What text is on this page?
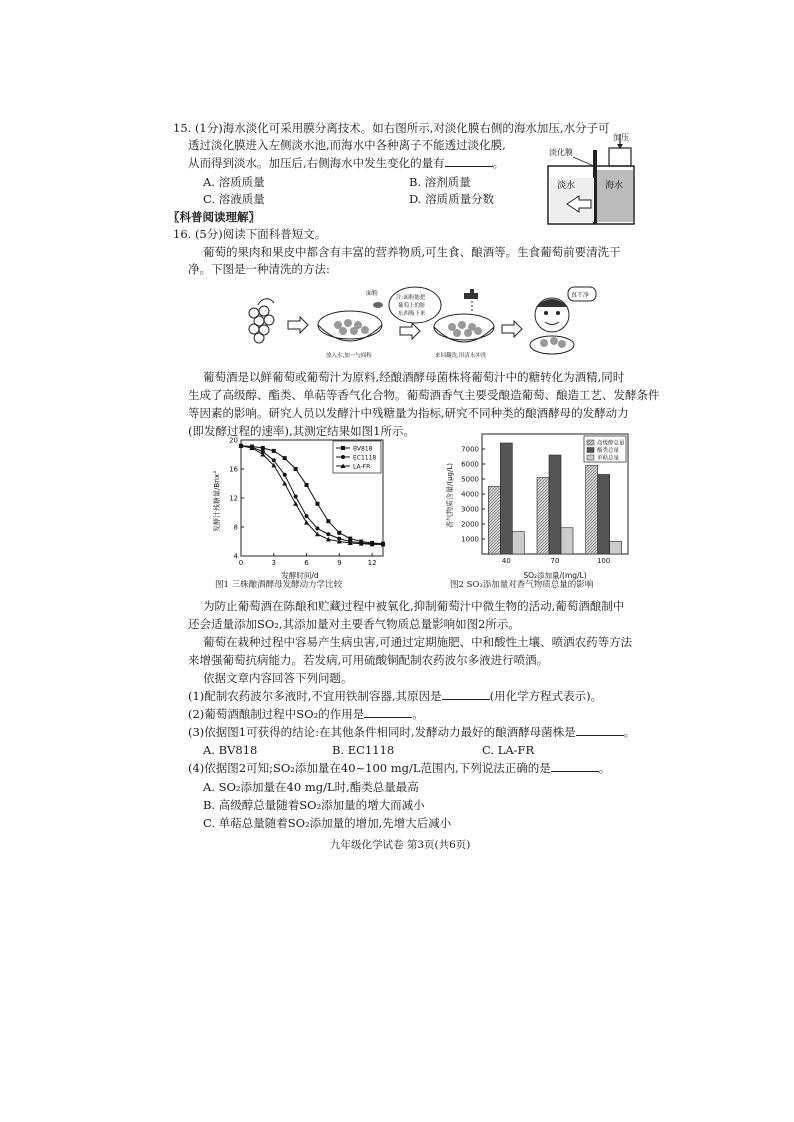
15. (1分)海水淡化可采用膜分离技术。如右图所示,对淡化膜右侧的海水加压,水分子可
透过淡化膜进入左侧淡水池,而海水中各种离子不能透过淡化膜,
从而得到淡水。加压后,右侧海水中发生变化的量有	。
A. 溶质质量	B. 溶剂质量
C. 溶液质量	D. 溶质质量分数
加压
淡化膜
淡水	海水
〖科普阅读理解〗
16. (5分)阅读下面科普短文。
葡萄的果肉和果皮中都含有丰富的营养物质,可生食、酿酒等。生食葡萄前要清洗干
净。下图是一种清洗的方法:
面粉
放入水,加一勺面粉
注:面粉能把
葡萄上的脏
东西吸下来
来回翻洗,用清水冲洗
真干净
葡萄酒是以鲜葡萄或葡萄汁为原料,经酿酒酵母菌株将葡萄汁中的糖转化为酒精,同时
生成了高级醇、酯类、单萜等香气化合物。葡萄酒香气主要受酿造葡萄、酿造工艺、发酵条件
等因素的影响。研究人员以发酵汁中残糖量为指标,研究不同种类的酿酒酵母的发酵动力
(即发酵过程的速率),其测定结果如图1所示。
4
8
12
16
20
0	3	6	9	12
BV818
EC1118
LA-FR
发酵汁残糖量/Brix°
发酵时间/d
图1 三株酿酒酵母发酵动力学比较
1000
2000
3000
4000
5000
6000
7000
40	70	100
高级醇总量
酯类总量
单萜总量
香气物质含量/(μg/L)
SO₂添加量/(mg/L)
图2 SO₂添加量对香气物质总量的影响
为防止葡萄酒在陈酿和贮藏过程中被氧化,抑制葡萄汁中微生物的活动,葡萄酒酿制中
还会适量添加SO₂,其添加量对主要香气物质总量影响如图2所示。
葡萄在栽种过程中容易产生病虫害,可通过定期施肥、中和酸性土壤、喷洒农药等方法
来增强葡萄抗病能力。若发病,可用硫酸铜配制农药波尔多液进行喷洒。
依据文章内容回答下列问题。
(1)配制农药波尔多液时,不宜用铁制容器,其原因是	(用化学方程式表示)。
(2)葡萄酒酿制过程中SO₂的作用是	。
(3)依据图1可获得的结论:在其他条件相同时,发酵动力最好的酿酒酵母菌株是	。
A. BV818	B. EC1118	C. LA-FR
(4)依据图2可知;SO₂添加量在40~100 mg/L范围内,下列说法正确的是	。
A. SO₂添加量在40 mg/L时,酯类总量最高
B. 高级醇总量随着SO₂添加量的增大而减小
C. 单萜总量随着SO₂添加量的增加,先增大后减小
九年级化学试卷 第3页(共6页)
